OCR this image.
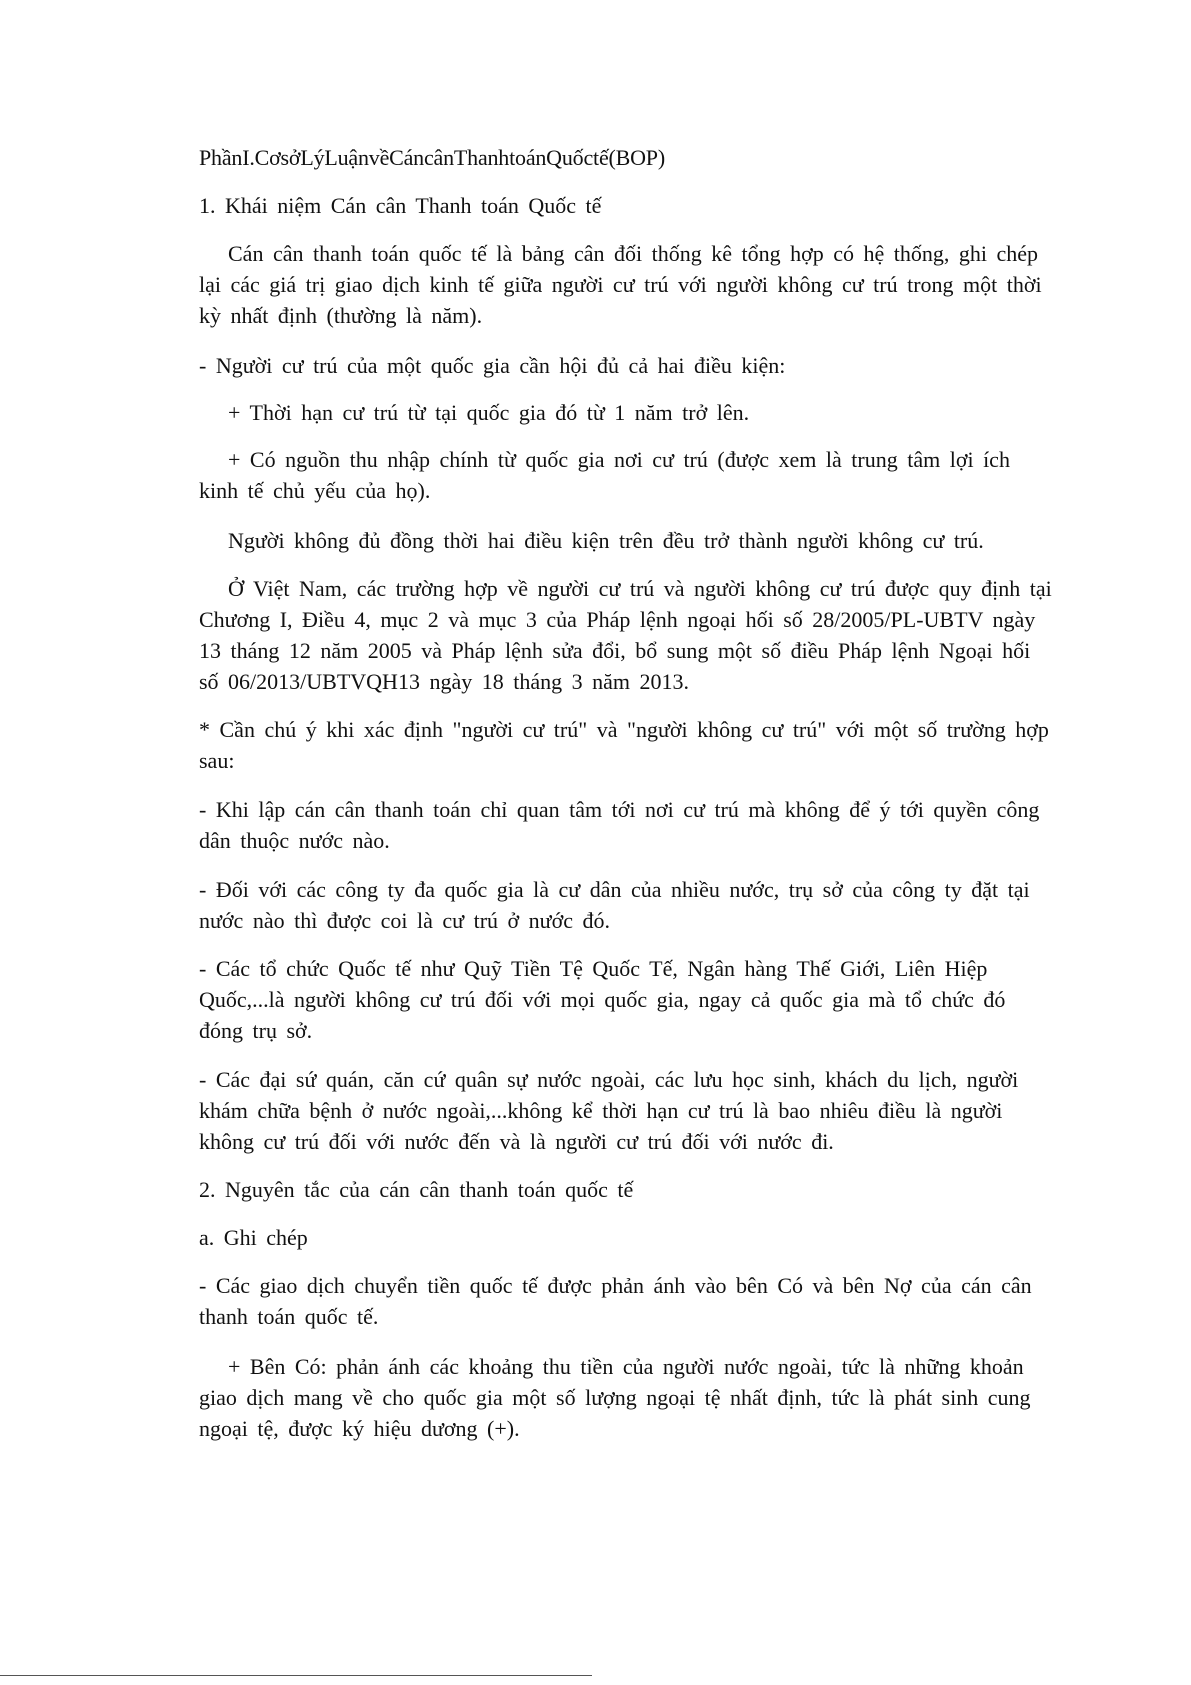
PhầnI.CơsởLýLuậnvềCáncânThanhtoánQuốctế(BOP)
1. Khái niệm Cán cân Thanh toán Quốc tế
Cán cân thanh toán quốc tế là bảng cân đối thống kê tổng hợp có hệ thống, ghi chép
lại các giá trị giao dịch kinh tế giữa người cư trú với người không cư trú trong một thời
kỳ nhất định (thường là năm).
- Người cư trú của một quốc gia cần hội đủ cả hai điều kiện:
+ Thời hạn cư trú từ tại quốc gia đó từ 1 năm trở lên.
+ Có nguồn thu nhập chính từ quốc gia nơi cư trú (được xem là trung tâm lợi ích
kinh tế chủ yếu của họ).
Người không đủ đồng thời hai điều kiện trên đều trở thành người không cư trú.
Ở Việt Nam, các trường hợp về người cư trú và người không cư trú được quy định tại
Chương I, Điều 4, mục 2 và mục 3 của Pháp lệnh ngoại hối số 28/2005/PL-UBTV ngày
13 tháng 12 năm 2005 và Pháp lệnh sửa đổi, bổ sung một số điều Pháp lệnh Ngoại hối
số 06/2013/UBTVQH13 ngày 18 tháng 3 năm 2013.
* Cần chú ý khi xác định "người cư trú" và "người không cư trú" với một số trường hợp
sau:
- Khi lập cán cân thanh toán chỉ quan tâm tới nơi cư trú mà không để ý tới quyền công
dân thuộc nước nào.
- Đối với các công ty đa quốc gia là cư dân của nhiều nước, trụ sở của công ty đặt tại
nước nào thì được coi là cư trú ở nước đó.
- Các tổ chức Quốc tế như Quỹ Tiền Tệ Quốc Tế, Ngân hàng Thế Giới, Liên Hiệp
Quốc,...là người không cư trú đối với mọi quốc gia, ngay cả quốc gia mà tổ chức đó
đóng trụ sở.
- Các đại sứ quán, căn cứ quân sự nước ngoài, các lưu học sinh, khách du lịch, người
khám chữa bệnh ở nước ngoài,...không kể thời hạn cư trú là bao nhiêu điều là người
không cư trú đối với nước đến và là người cư trú đối với nước đi.
2. Nguyên tắc của cán cân thanh toán quốc tế
a. Ghi chép
- Các giao dịch chuyển tiền quốc tế được phản ánh vào bên Có và bên Nợ của cán cân
thanh toán quốc tế.
+ Bên Có: phản ánh các khoảng thu tiền của người nước ngoài, tức là những khoản
giao dịch mang về cho quốc gia một số lượng ngoại tệ nhất định, tức là phát sinh cung
ngoại tệ, được ký hiệu dương (+).
